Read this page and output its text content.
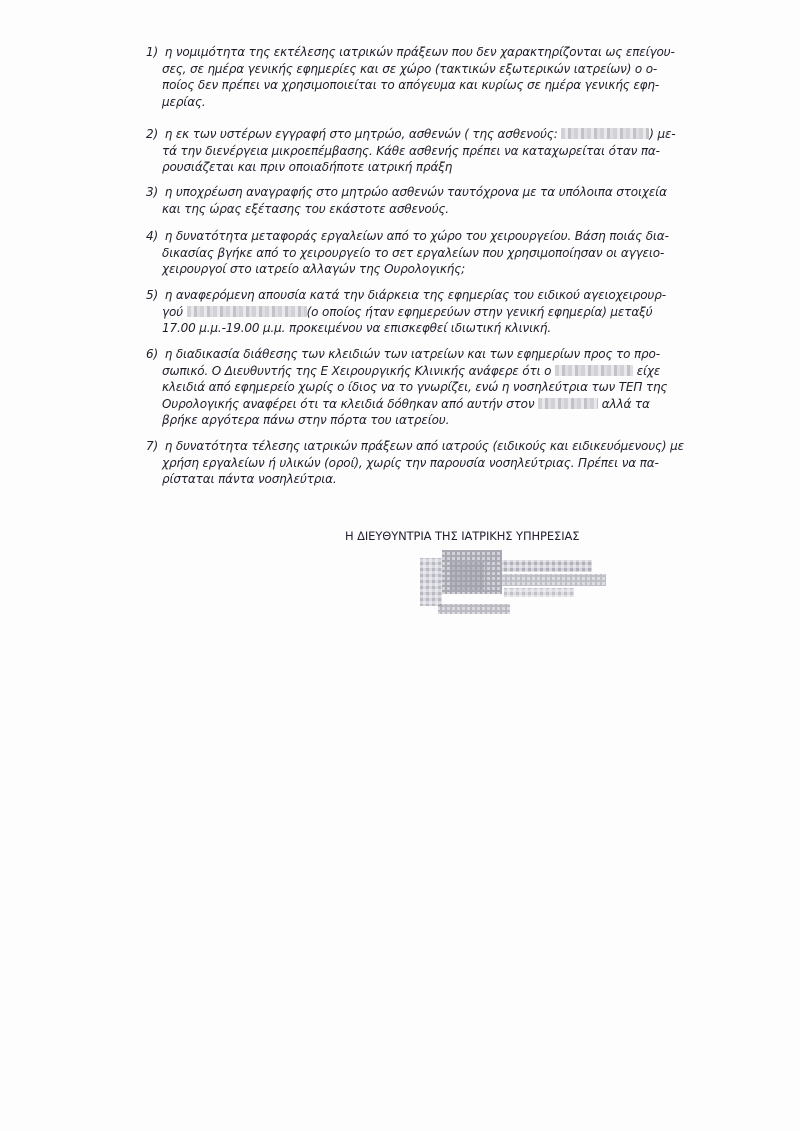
1) η νομιμότητα της εκτέλεσης ιατρικών πράξεων που δεν χαρακτηρίζονται ως επείγου-
σες, σε ημέρα γενικής εφημερίες και σε χώρο (τακτικών εξωτερικών ιατρείων) ο ο-
ποίος δεν πρέπει να χρησιμοποιείται το απόγευμα και κυρίως σε ημέρα γενικής εφη-
μερίας.
2) η εκ των υστέρων εγγραφή στο μητρώο, ασθενών ( της ασθενούς:	) με-
τά την διενέργεια μικροεπέμβασης. Κάθε ασθενής πρέπει να καταχωρείται όταν πα-
ρουσιάζεται και πριν οποιαδήποτε ιατρική πράξη
3) η υποχρέωση αναγραφής στο μητρώο ασθενών ταυτόχρονα με τα υπόλοιπα στοιχεία
και της ώρας εξέτασης του εκάστοτε ασθενούς.
4) η δυνατότητα μεταφοράς εργαλείων από το χώρο του χειρουργείου. Βάση ποιάς δια-
δικασίας βγήκε από το χειρουργείο το σετ εργαλείων που χρησιμοποίησαν οι αγγειο-
χειρουργοί στο ιατρείο αλλαγών της Ουρολογικής;
5) η αναφερόμενη απουσία κατά την διάρκεια της εφημερίας του ειδικού αγειοχειρουρ-
γού	(ο οποίος ήταν εφημερεύων στην γενική εφημερία) μεταξύ
17.00 μ.μ.-19.00 μ.μ. προκειμένου να επισκεφθεί ιδιωτική κλινική.
6) η διαδικασία διάθεσης των κλειδιών των ιατρείων και των εφημερίων προς το προ-
σωπικό. Ο Διευθυντής της Ε Χειρουργικής Κλινικής ανάφερε ότι ο	είχε
κλειδιά από εφημερείο χωρίς ο ίδιος να το γνωρίζει, ενώ η νοσηλεύτρια των ΤΕΠ της
Ουρολογικής αναφέρει ότι τα κλειδιά δόθηκαν από αυτήν στον	αλλά τα
βρήκε αργότερα πάνω στην πόρτα του ιατρείου.
7) η δυνατότητα τέλεσης ιατρικών πράξεων από ιατρούς (ειδικούς και ειδικευόμενους) με
χρήση εργαλείων ή υλικών (οροί), χωρίς την παρουσία νοσηλεύτριας. Πρέπει να πα-
ρίσταται πάντα νοσηλεύτρια.
Η ΔΙΕΥΘΥΝΤΡΙΑ ΤΗΣ ΙΑΤΡΙΚΗΣ ΥΠΗΡΕΣΙΑΣ
